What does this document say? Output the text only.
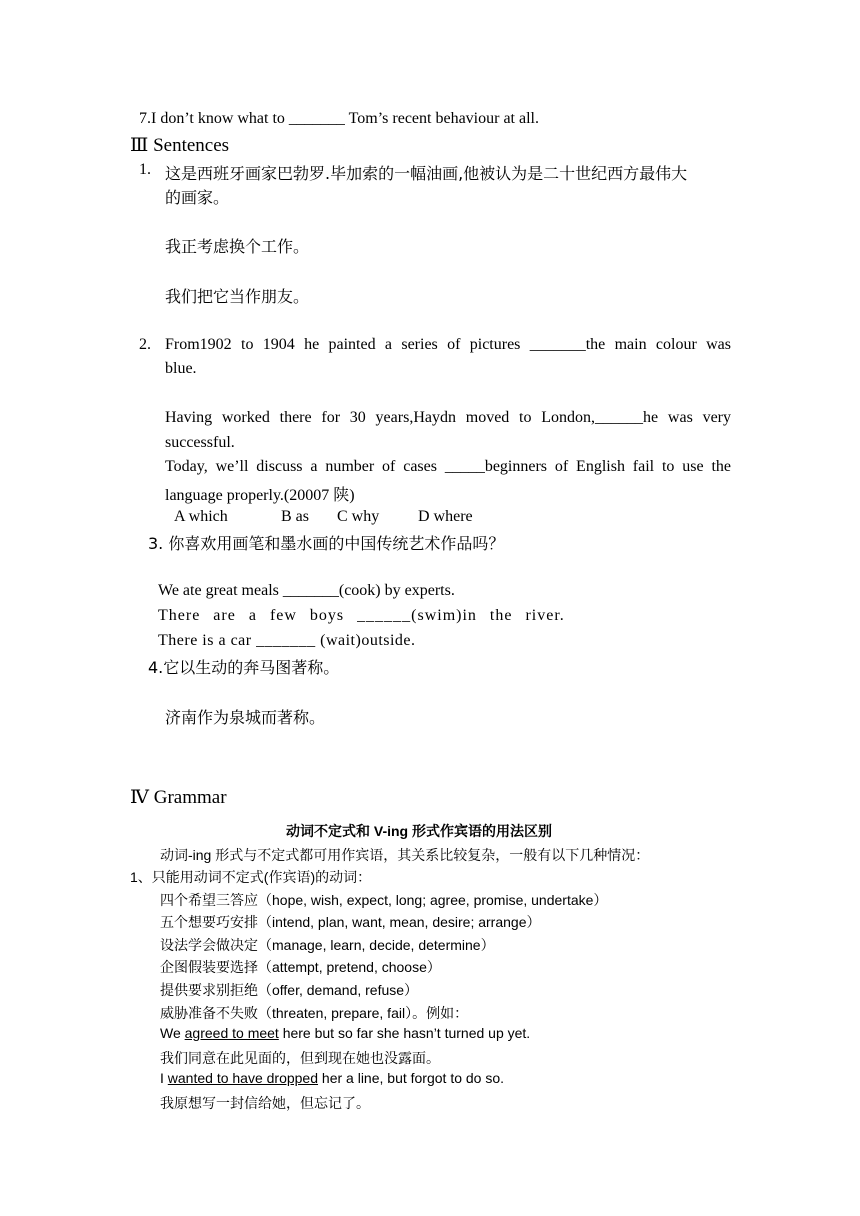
7.I don’t know what to _______ Tom’s recent behaviour at all.
Ⅲ Sentences
1. 这是西班牙画家巴勃罗.毕加索的一幅油画,他被认为是二十世纪西方最伟大
的画家。
我正考虑换个工作。
我们把它当作朋友。
2. From1902 to 1904 he painted a series of pictures _______the main colour was
blue.
Having worked there for 30 years,Haydn moved to London,______he was very
successful.
Today, we’ll discuss a number of cases _____beginners of English fail to use the
language properly.(20007 陕)
A which	B as C why D where
3. 你喜欢用画笔和墨水画的中国传统艺术作品吗？
We ate great meals _______(cook) by experts.
There are a few boys ______(swim)in the river.
There is a car _______ (wait)outside.
4.它以生动的奔马图著称。
济南作为泉城而著称。
Ⅳ Grammar
动词不定式和 V-ing 形式作宾语的用法区别
动词-ing 形式与不定式都可用作宾语，其关系比较复杂，一般有以下几种情况：
1、只能用动词不定式(作宾语)的动词：
四个希望三答应（hope, wish, expect, long; agree, promise, undertake）
五个想要巧安排（intend, plan, want, mean, desire; arrange）
设法学会做决定（manage, learn, decide, determine）
企图假装要选择（attempt, pretend, choose）
提供要求别拒绝（offer, demand, refuse）
威胁准备不失败（threaten, prepare, fail）。例如：
We agreed to meet here but so far she hasn’t turned up yet.
我们同意在此见面的，但到现在她也没露面。
I wanted to have dropped her a line, but forgot to do so.
我原想写一封信给她，但忘记了。
